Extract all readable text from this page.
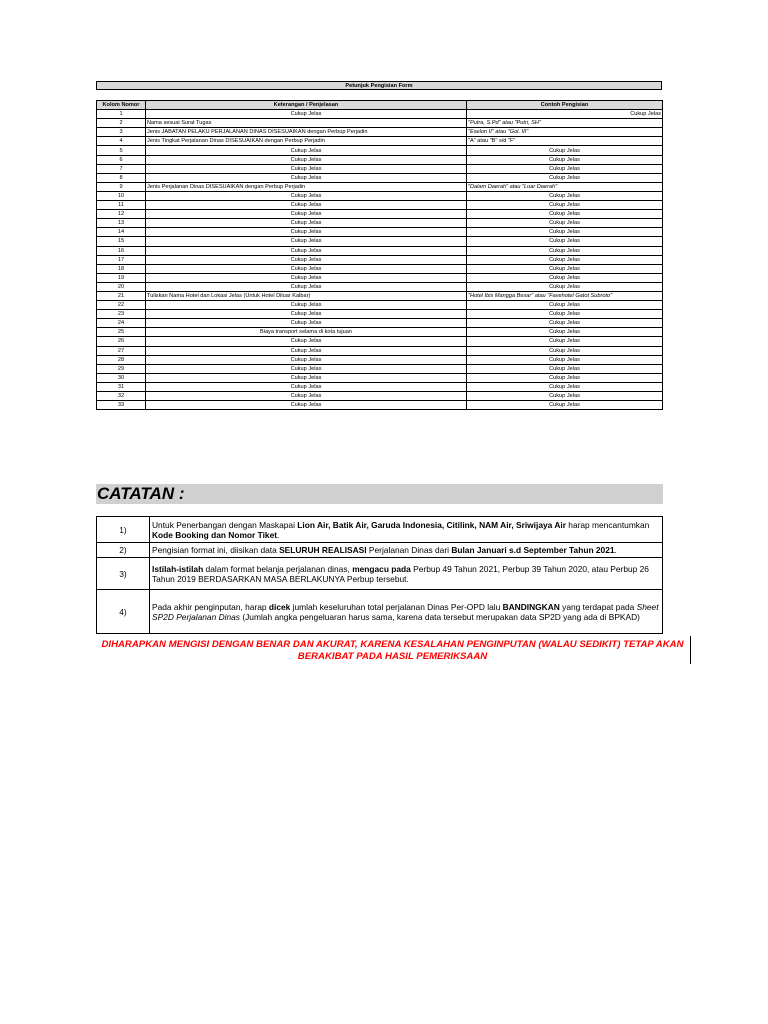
Petunjuk Pengisian Form
Kolom Nomor	Keterangan / Penjelasan	Contoh Pengisian
1	Cukup Jelas	Cukup Jelas
2	Nama sesuai Surat Tugas	"Putra, S.Pd" atau "Putri, SH"
3	Jenis JABATAN PELAKU PERJALANAN DINAS DISESUAIKAN dengan Perbup Perjadin	"Eselon II" atau "Gol. III"
4	Jenis Tingkat Perjalanan Dinas DISESUAIKAN dengan Perbup Perjadin	"A" atau "B" s/d "F"
5	Cukup Jelas	Cukup Jelas
6	Cukup Jelas	Cukup Jelas
7	Cukup Jelas	Cukup Jelas
8	Cukup Jelas	Cukup Jelas
9	Jenis Perjalanan Dinas DISESUAIKAN dengan Perbup Perjadin	"Dalam Daerah" atau "Luar Daerah"
10	Cukup Jelas	Cukup Jelas
11	Cukup Jelas	Cukup Jelas
12	Cukup Jelas	Cukup Jelas
13	Cukup Jelas	Cukup Jelas
14	Cukup Jelas	Cukup Jelas
15	Cukup Jelas	Cukup Jelas
16	Cukup Jelas	Cukup Jelas
17	Cukup Jelas	Cukup Jelas
18	Cukup Jelas	Cukup Jelas
19	Cukup Jelas	Cukup Jelas
20	Cukup Jelas	Cukup Jelas
21	Tuliskan Nama Hotel dan Lokasi Jelas (Untuk Hotel Diluar Kalbar)	"Hotel Ibis Mangga Besar" atau "Favehotel Gatot Subroto"
22	Cukup Jelas	Cukup Jelas
23	Cukup Jelas	Cukup Jelas
24	Cukup Jelas	Cukup Jelas
25	Biaya transport selama di kota tujuan	Cukup Jelas
26	Cukup Jelas	Cukup Jelas
27	Cukup Jelas	Cukup Jelas
28	Cukup Jelas	Cukup Jelas
29	Cukup Jelas	Cukup Jelas
30	Cukup Jelas	Cukup Jelas
31	Cukup Jelas	Cukup Jelas
32	Cukup Jelas	Cukup Jelas
33	Cukup Jelas	Cukup Jelas
CATATAN :
1)	Untuk Penerbangan dengan Maskapai Lion Air, Batik Air, Garuda Indonesia, Citilink, NAM Air, Sriwijaya Air harap mencantumkan Kode Booking dan Nomor Tiket.
2)	Pengisian format ini, diisikan data SELURUH REALISASI Perjalanan Dinas dari Bulan Januari s.d September Tahun 2021.
3)	Istilah-istilah dalam format belanja perjalanan dinas, mengacu pada Perbup 49 Tahun 2021, Perbup 39 Tahun 2020, atau Perbup 26 Tahun 2019 BERDASARKAN MASA BERLAKUNYA Perbup tersebut.
4)	Pada akhir penginputan, harap dicek jumlah keseluruhan total perjalanan Dinas Per-OPD lalu BANDINGKAN yang terdapat pada Sheet SP2D Perjalanan Dinas (Jumlah angka pengeluaran harus sama, karena data tersebut merupakan data SP2D yang ada di BPKAD)
DIHARAPKAN MENGISI DENGAN BENAR DAN AKURAT, KARENA KESALAHAN PENGINPUTAN (WALAU SEDIKIT) TETAP AKAN BERAKIBAT PADA HASIL PEMERIKSAAN
